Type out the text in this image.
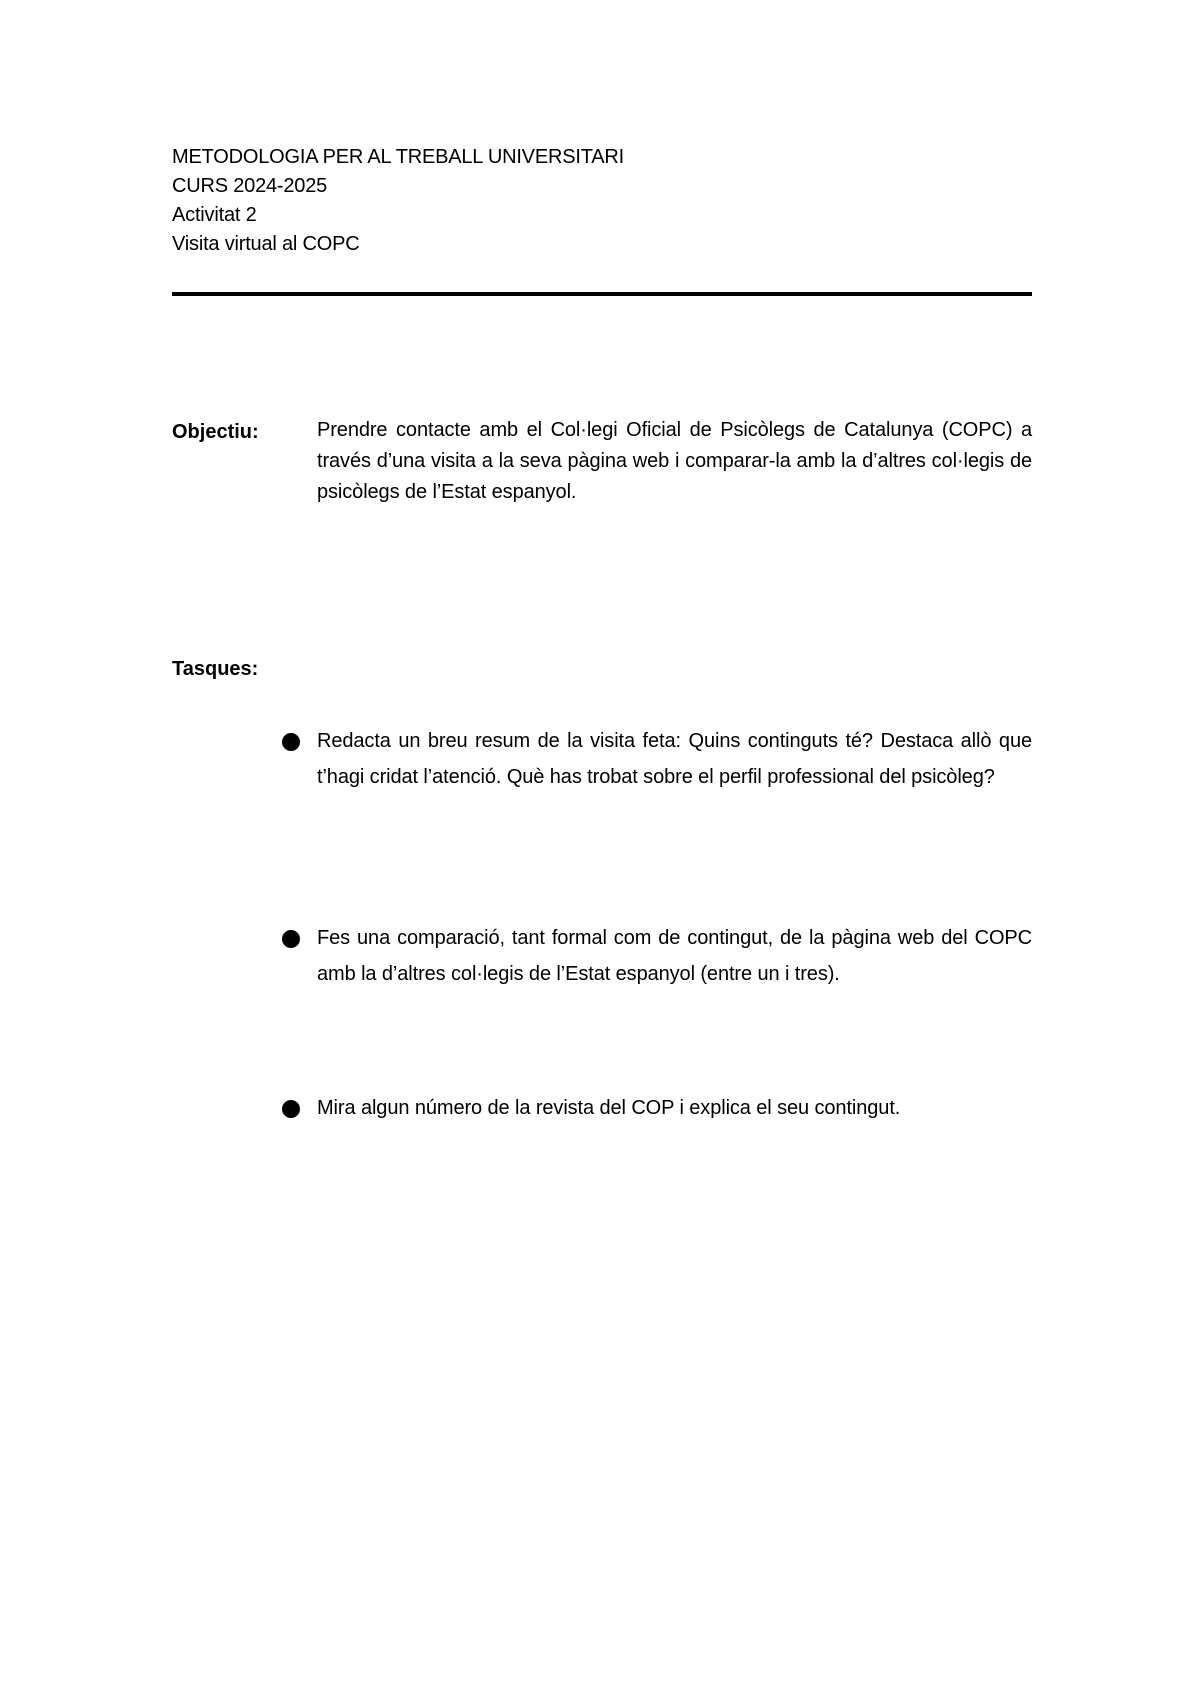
METODOLOGIA PER AL TREBALL UNIVERSITARI
CURS 2024-2025
Activitat 2
Visita virtual al COPC
Objectiu:	Prendre contacte amb el Col·legi Oficial de Psicòlegs de Catalunya (COPC) a través d’una visita a la seva pàgina web i comparar-la amb la d’altres col·legis de psicòlegs de l’Estat espanyol.
Tasques:
Redacta un breu resum de la visita feta: Quins continguts té? Destaca allò que t’hagi cridat l’atenció. Què has trobat sobre el perfil professional del psicòleg?
Fes una comparació, tant formal com de contingut, de la pàgina web del COPC amb la d’altres col·legis de l’Estat espanyol (entre un i tres).
Mira algun número de la revista del COP i explica el seu contingut.
